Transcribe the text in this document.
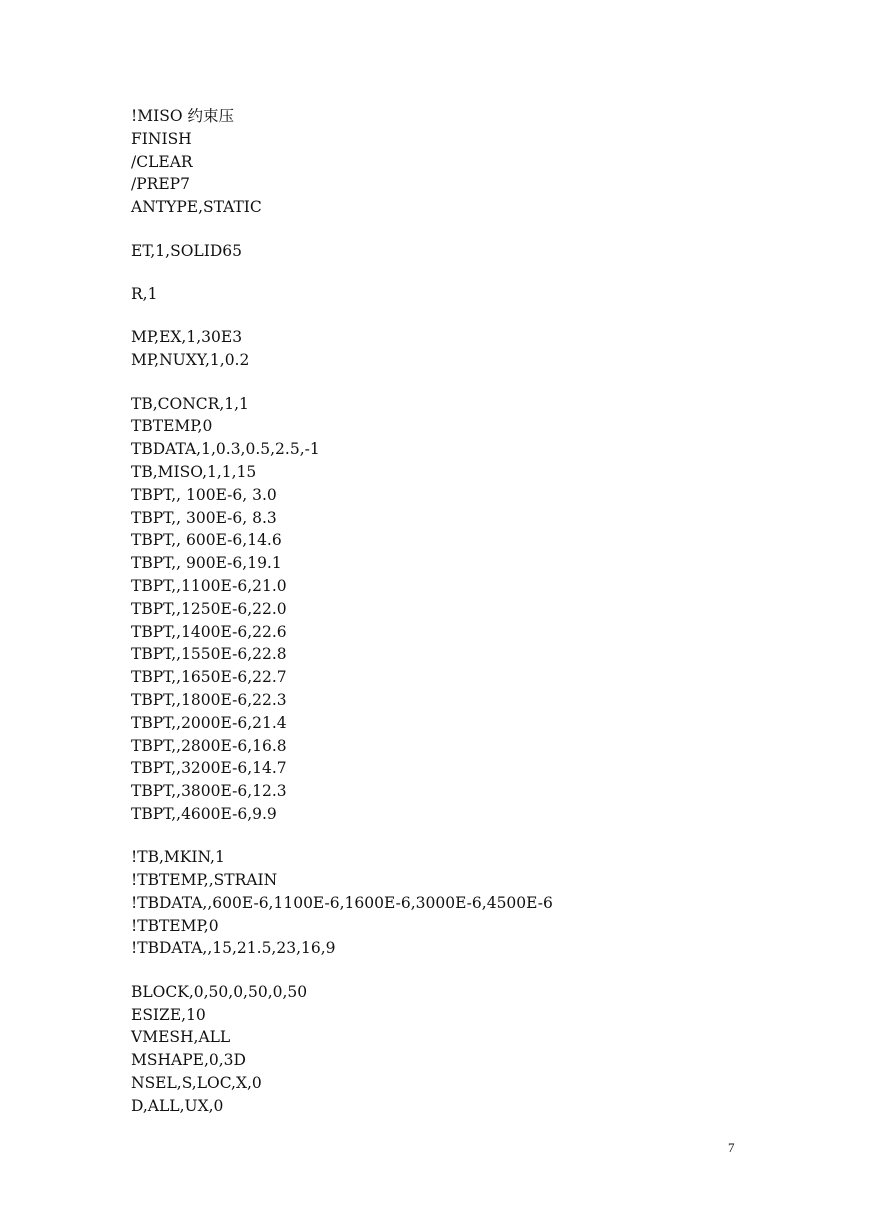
!MISO 约束压
FINISH
/CLEAR
/PREP7
ANTYPE,STATIC
ET,1,SOLID65
R,1
MP,EX,1,30E3
MP,NUXY,1,0.2
TB,CONCR,1,1
TBTEMP,0
TBDATA,1,0.3,0.5,2.5,-1
TB,MISO,1,1,15
TBPT,, 100E-6, 3.0
TBPT,, 300E-6, 8.3
TBPT,, 600E-6,14.6
TBPT,, 900E-6,19.1
TBPT,,1100E-6,21.0
TBPT,,1250E-6,22.0
TBPT,,1400E-6,22.6
TBPT,,1550E-6,22.8
TBPT,,1650E-6,22.7
TBPT,,1800E-6,22.3
TBPT,,2000E-6,21.4
TBPT,,2800E-6,16.8
TBPT,,3200E-6,14.7
TBPT,,3800E-6,12.3
TBPT,,4600E-6,9.9
!TB,MKIN,1
!TBTEMP,,STRAIN
!TBDATA,,600E-6,1100E-6,1600E-6,3000E-6,4500E-6
!TBTEMP,0
!TBDATA,,15,21.5,23,16,9
BLOCK,0,50,0,50,0,50
ESIZE,10
VMESH,ALL
MSHAPE,0,3D
NSEL,S,LOC,X,0
D,ALL,UX,0
7
